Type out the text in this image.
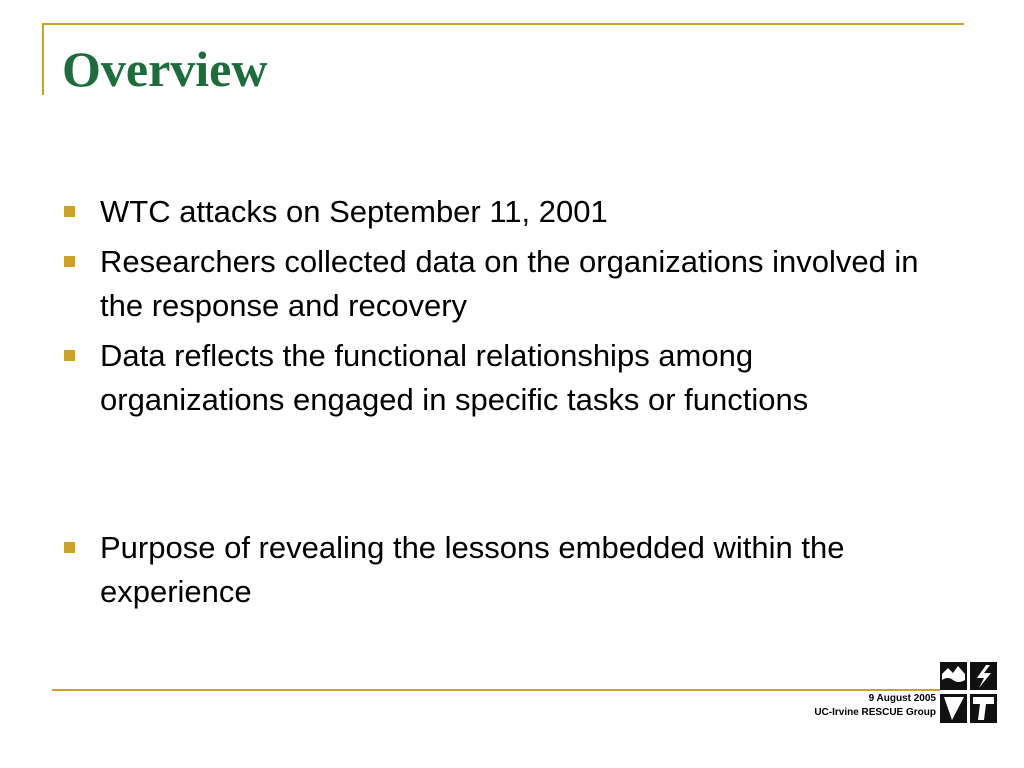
Overview
WTC attacks on September 11, 2001
Researchers collected data on the organizations involved in the response and recovery
Data reflects the functional relationships among organizations engaged in specific tasks or functions
Purpose of revealing the lessons embedded within the experience
9 August 2005
UC-Irvine RESCUE Group
